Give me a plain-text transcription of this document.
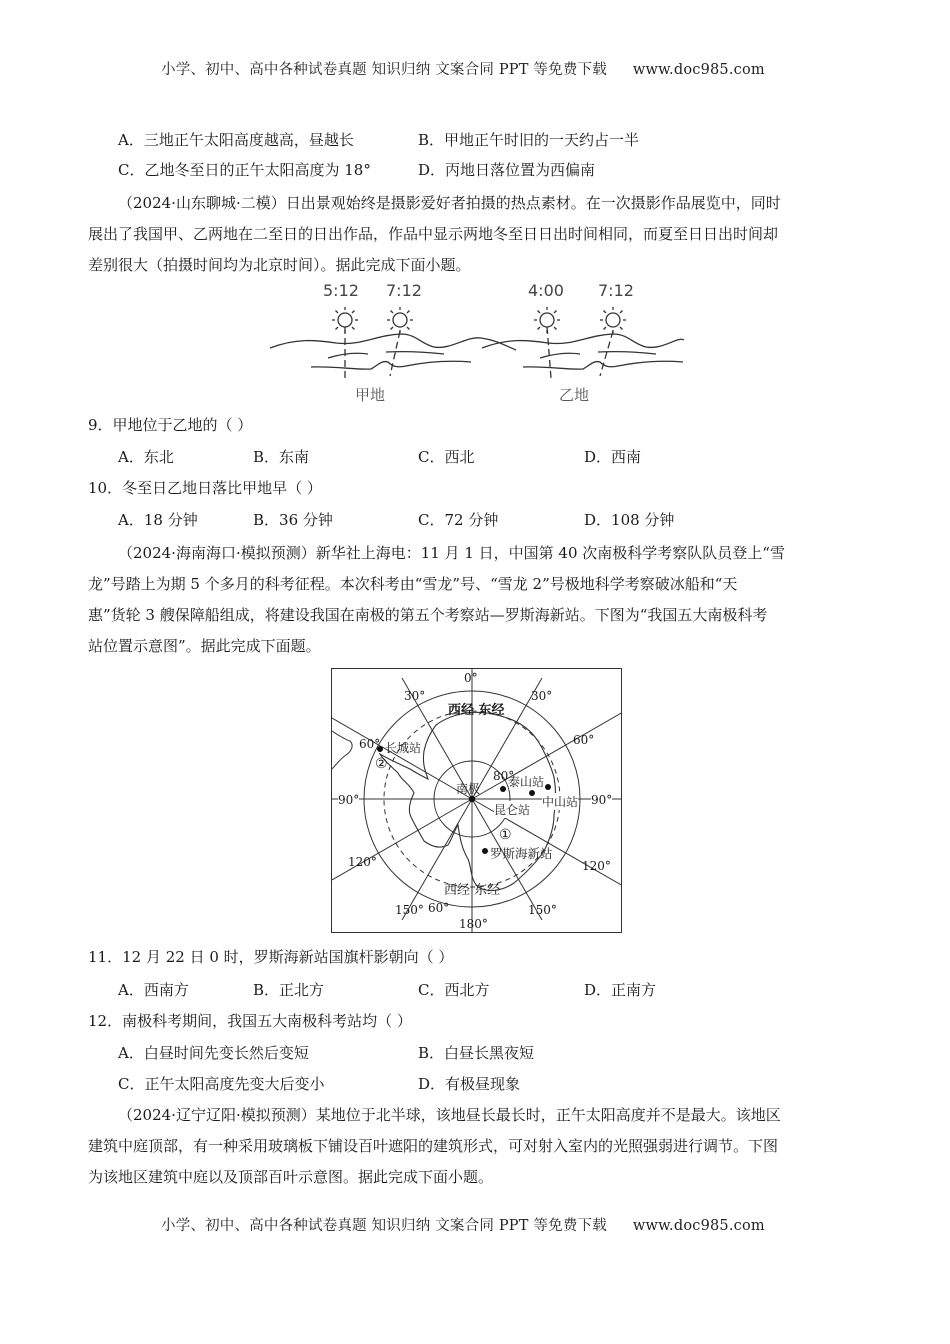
小学、初中、高中各种试卷真题 知识归纳 文案合同 PPT 等免费下载 www.doc985.com
A．三地正午太阳高度越高，昼越长	B．甲地正午时旧的一天约占一半
C．乙地冬至日的正午太阳高度为 18°	D．丙地日落位置为西偏南
（2024·山东聊城·二模）日出景观始终是摄影爱好者拍摄的热点素材。在一次摄影作品展览中，同时
展出了我国甲、乙两地在二至日的日出作品，作品中显示两地冬至日日出时间相同，而夏至日日出时间却
差别很大（拍摄时间均为北京时间）。据此完成下面小题。
5:12 7:12	4:00 7:12
甲地	乙地
9．甲地位于乙地的（ ）
A．东北	B．东南	C．西北	D．西南
10．冬至日乙地日落比甲地早（ ）
A．18 分钟	B．36 分钟	C．72 分钟	D．108 分钟
（2024·海南海口·模拟预测）新华社上海电：11 月 1 日，中国第 40 次南极科学考察队队员登上“雪
龙”号踏上为期 5 个多月的科考征程。本次科考由“雪龙”号、“雪龙 2”号极地科学考察破冰船和“天
惠”货轮 3 艘保障船组成，将建设我国在南极的第五个考察站—罗斯海新站。下图为“我国五大南极科考
站位置示意图”。据此完成下面题。
0°
30°	30°
60°	60°
90°	90°
120°	120°
150°	150°
180°
60°
80°
西经 东经
西经 东经
南极
长城站
泰山站
中山站
昆仑站
罗斯海新站
①
②
11．12 月 22 日 0 时，罗斯海新站国旗杆影朝向（ ）
A．西南方	B．正北方	C．西北方	D．正南方
12．南极科考期间，我国五大南极科考站均（ ）
A．白昼时间先变长然后变短	B．白昼长黑夜短
C．正午太阳高度先变大后变小	D．有极昼现象
（2024·辽宁辽阳·模拟预测）某地位于北半球，该地昼长最长时，正午太阳高度并不是最大。该地区
建筑中庭顶部，有一种采用玻璃板下铺设百叶遮阳的建筑形式，可对射入室内的光照强弱进行调节。下图
为该地区建筑中庭以及顶部百叶示意图。据此完成下面小题。
小学、初中、高中各种试卷真题 知识归纳 文案合同 PPT 等免费下载 www.doc985.com
